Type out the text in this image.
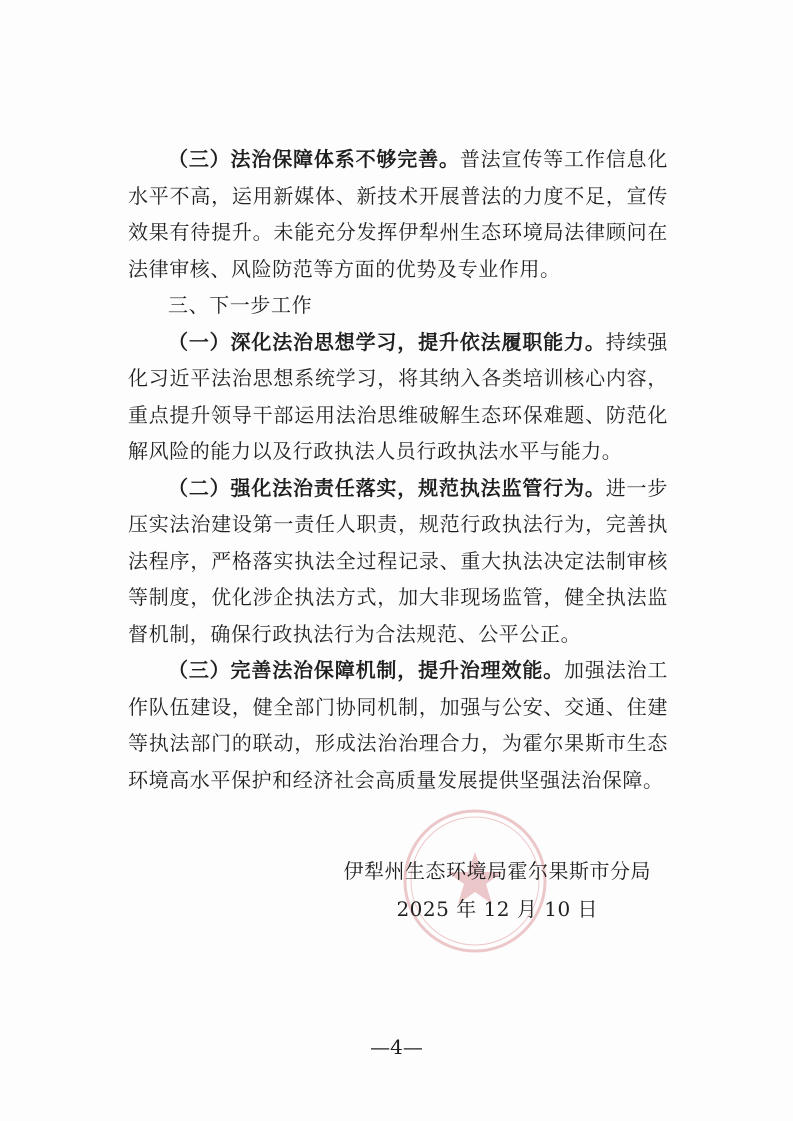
（三）法治保障体系不够完善。普法宣传等工作信息化水平不高，运用新媒体、新技术开展普法的力度不足，宣传效果有待提升。未能充分发挥伊犁州生态环境局法律顾问在法律审核、风险防范等方面的优势及专业作用。

三、下一步工作

（一）深化法治思想学习，提升依法履职能力。持续强化习近平法治思想系统学习，将其纳入各类培训核心内容，重点提升领导干部运用法治思维破解生态环保难题、防范化解风险的能力以及行政执法人员行政执法水平与能力。

（二）强化法治责任落实，规范执法监管行为。进一步压实法治建设第一责任人职责，规范行政执法行为，完善执法程序，严格落实执法全过程记录、重大执法决定法制审核等制度，优化涉企执法方式，加大非现场监管，健全执法监督机制，确保行政执法行为合法规范、公平公正。

（三）完善法治保障机制，提升治理效能。加强法治工作队伍建设，健全部门协同机制，加强与公安、交通、住建等执法部门的联动，形成法治治理合力，为霍尔果斯市生态环境高水平保护和经济社会高质量发展提供坚强法治保障。

伊犁州生态环境局霍尔果斯市分局
2025 年 12 月 10 日
—4—
